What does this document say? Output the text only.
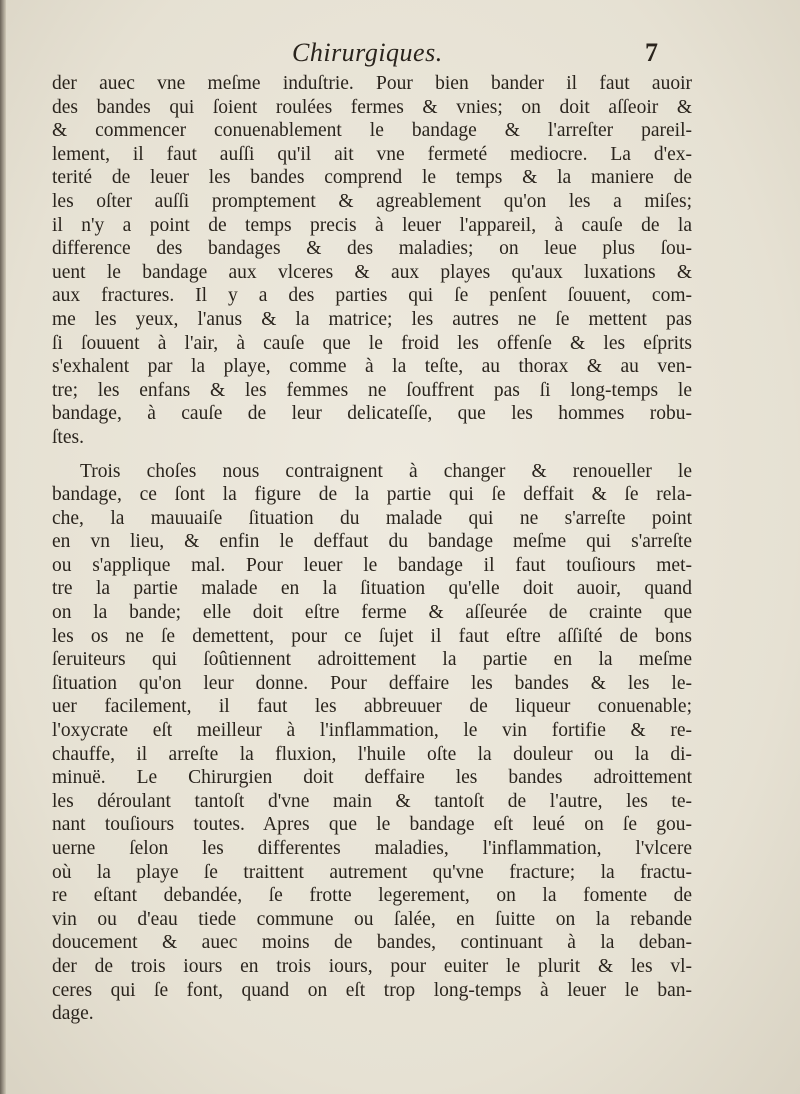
Chirurgiques.	7
der auec vne meſme induſtrie. Pour bien bander il faut auoir
des bandes qui ſoient roulées fermes & vnies; on doit aſſeoir &
& commencer conuenablement le bandage & l'arreſter pareil-
lement, il faut auſſi qu'il ait vne fermeté mediocre. La d'ex-
terité de leuer les bandes comprend le temps & la maniere de
les oſter auſſi promptement & agreablement qu'on les a miſes;
il n'y a point de temps precis à leuer l'appareil, à cauſe de la
difference des bandages & des maladies; on leue plus ſou-
uent le bandage aux vlceres & aux playes qu'aux luxations &
aux fractures. Il y a des parties qui ſe penſent ſouuent, com-
me les yeux, l'anus & la matrice; les autres ne ſe mettent pas
ſi ſouuent à l'air, à cauſe que le froid les offenſe & les eſprits
s'exhalent par la playe, comme à la teſte, au thorax & au ven-
tre; les enfans & les femmes ne ſouffrent pas ſi long-temps le
bandage, à cauſe de leur delicateſſe, que les hommes robu-
ſtes.
Trois choſes nous contraignent à changer & renoueller le
bandage, ce ſont la figure de la partie qui ſe deffait & ſe rela-
che, la mauuaiſe ſituation du malade qui ne s'arreſte point
en vn lieu, & enfin le deffaut du bandage meſme qui s'arreſte
ou s'applique mal. Pour leuer le bandage il faut touſiours met-
tre la partie malade en la ſituation qu'elle doit auoir, quand
on la bande; elle doit eſtre ferme & aſſeurée de crainte que
les os ne ſe demettent, pour ce ſujet il faut eſtre aſſiſté de bons
ſeruiteurs qui ſoûtiennent adroittement la partie en la meſme
ſituation qu'on leur donne. Pour deffaire les bandes & les le-
uer facilement, il faut les abbreuuer de liqueur conuenable;
l'oxycrate eſt meilleur à l'inflammation, le vin fortifie & re-
chauffe, il arreſte la fluxion, l'huile oſte la douleur ou la di-
minuë. Le Chirurgien doit deffaire les bandes adroittement
les déroulant tantoſt d'vne main & tantoſt de l'autre, les te-
nant touſiours toutes. Apres que le bandage eſt leué on ſe gou-
uerne ſelon les differentes maladies, l'inflammation, l'vlcere
où la playe ſe traittent autrement qu'vne fracture; la fractu-
re eſtant debandée, ſe frotte legerement, on la fomente de
vin ou d'eau tiede commune ou ſalée, en ſuitte on la rebande
doucement & auec moins de bandes, continuant à la deban-
der de trois iours en trois iours, pour euiter le plurit & les vl-
ceres qui ſe font, quand on eſt trop long-temps à leuer le ban-
dage.
